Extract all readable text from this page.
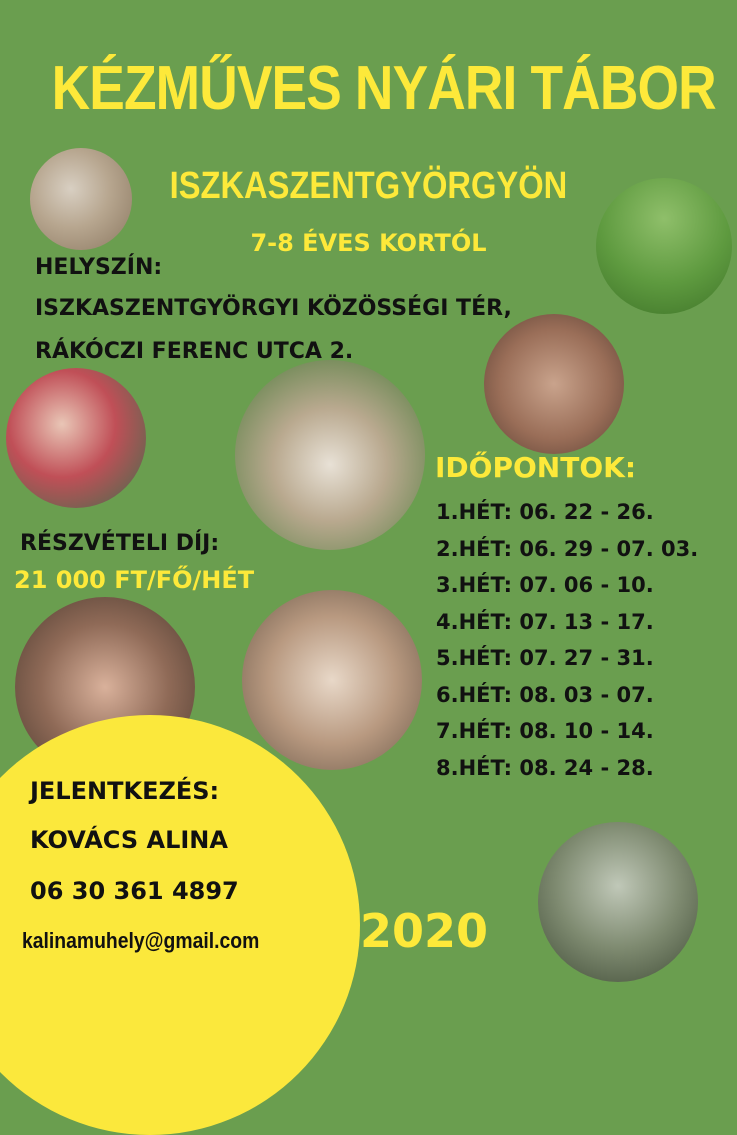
KÉZMŰVES NYÁRI TÁBOR
ISZKASZENTGYÖRGYÖN
7-8 ÉVES KORTÓL
HELYSZÍN:
ISZKASZENTGYÖRGYI KÖZÖSSÉGI TÉR,
RÁKÓCZI FERENC UTCA 2.
RÉSZVÉTELI DÍJ:
21 000 FT/FŐ/HÉT
IDŐPONTOK:
1.HÉT: 06. 22 - 26.
2.HÉT: 06. 29 - 07. 03.
3.HÉT: 07. 06 - 10.
4.HÉT: 07. 13 - 17.
5.HÉT: 07. 27 - 31.
6.HÉT: 08. 03 - 07.
7.HÉT: 08. 10 - 14.
8.HÉT: 08. 24 - 28.
JELENTKEZÉS:
KOVÁCS ALINA
06 30 361 4897
kalinamuhely@gmail.com 2020
